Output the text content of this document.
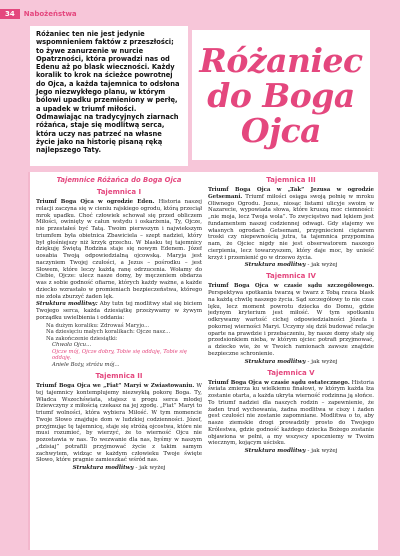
34	Nabożeństwa

Różaniec ten nie jest jedynie wspomnieniem faktów z przeszłości; to żywe zanurzenie w nurcie Opatrzności, która prowadzi nas od Edenu aż po blask wieczności. Każdy koralik to krok na ścieżce powrotnej do Ojca, a każda tajemnica to odsłona Jego niezwykłego planu, w którym bólowi upadku przemieniony w perłę, a upadek w triumf miłości. Odmawiając na tradycyjnych ziarnach różańca, staje się modlitwą serca, która uczy nas patrzeć na własne życie jako na historię pisaną ręką najlepszego Taty.

Różaniec do Boga Ojca
Tajemnice Różańca do Boga Ojca
Tajemnica I

Triumf Boga Ojca w ogrodzie Eden. Historia naszej relacji zaczyna się w cieniu rajskiego ogrodu, którą przeciął mrok upadku. Choć człowiek schował się przed obliczem Miłości, owinięty w całun wstydu i oskarżenia, Ty, Ojcze, nie przestałeś być Tatą. Twoim pierwszym i najwiekszym triumfem była obietnica Zbawiciela – szept nadziei, który był głośniejszy niż krzyk grzechu. W blasku tej tajemnicy dziękuję Świętą Rodzina staje się nowym Edenem. Józef uosabia Twoją odpowiedzialną ojcowską. Maryja jest naczyniem Twojej czułości, a Jezus – pośrodku – jest Słowem, które leczy każdą ranę odrzucenia. Wołamy do Ciebie, Ojcze: ulecz nasze domy, by męczeniem obdarza was z sobie godność ofiarne, których każdy ważne, a każde dziecko wzrastało w promieniach bezpieczeństwa, którego nie zdoła zburzyć żaden lęk.

Struktura modlitwy: Aby tutn tej modlitwy stał się biciem Twojego serca, każda dziesiątkę przeżywamy w żywym porządku uwielbienia i oddania:

Na dużym koraliku: Zdrowaś Maryjo...
Na dziesięciu małych koralikach: Ojcze nasz...
Na zakończenie dziesiątki:
Chwała Ojcu...
Ojcze mój, Ojcze dobry, Tobie się oddaję, Tobie się oddaję.
Aniele Boży, stróżu mój...
Tajemnica II

Triumf Boga Ojca we „Fiat” Maryi w Zwiastowaniu. W tej tajemnicy kontemplujemy niezwykłą pokorę Boga. Ty, Władca Wszechświata, stajesz u progu serca młodej Dziewczyny z miłością czekasz na jej zgodę. „Fiat” Maryi to triumf wolności, która wybiera Miłość. W tym momencie Twoje Słowo znajduje dom w ludzkiej codzienności. Józef, przyjmując tę tajemnicę, staje się stróżą ojcostwa, które nie musi rozumieć, by wierzyć, że to wierność Ojcu nie pozostawia w nas. To wezwanie dla nas, byśmy w naszym „dzisiaj” potrafili przyjmować życie z takim samym zachwytem, widząc w każdym człowieku Twoje święte Słowo, które pragnie zamieszkać wśród nas.

Struktura modlitwy - jak wyżej

Tajemnica III

Triumf Boga Ojca w „Tak” Jezusa w ogrodzie Getsemani. Triumf miłości osiąga swoją pełnię w mroku Oliwnego Ogrodu. Jezus, niosąc listami ulicyje swoim w Nazarecie, wypowiada słowa, które kruszą moc ciemności: „nie moja, lecz Twoja wola”. To zwycięstwo nad lękiem jest fundamentem naszej codziennej odwagi. Gdy stajemy we własnych ogrodach Getsemani, przygniecioni ciężarem troski czy niepewnością jutra, ta tajemnica przypomina nam, że Ojciec nigdy nie jest obserwatorem naszego cierpienia, lecz towarzyszem, który daje moc, by unieść krzyż i przemienić go w drzewo życia.

Struktura modlitwy - jak wyżej

Tajemnica IV

Triumf Boga Ojca w czasie sądu szczegółowego. Perspektywa spotkania twarzą w twarz z Tobą rzuca blask na każdą chwilę naszego życia. Sąd szczegółowy to nie czas lęku, lecz moment powrotu dziecka do Domu, gdzie jedynym kryterium jest miłość. W tym spotkaniu odkrywamy wartość cichej odpowiedzialności Józefa i pokornej wierności Maryi. Uczymy się dziś budować relacje oparte na prawdzie i przebaczeniu, by nasze domy stały się przedsionkiem nieba, w którym ojciec potrafi przyjmować, a dziecko wie, że w Twoich ramionach zawsze znajdzie bezpieczne schronienie.

Struktura modlitwy - jak wyżej

Tajemnica V

Triumf Boga Ojca w czasie sądu ostatecznego. Historia świata zmierza ku wielkiemu finałowi, w którym każda łza zostanie otarta, a każda ukryta wierność rodzinna ją słońce. To triumf nadziei dla naszych rodzin – zapewnienie, że żaden trud wychowania, żadna modlitwa w ciszy i żaden gest czułości nie zostanie zapomniane. Modlitwa o to, aby nasze ziemskie drogi prowadziły prosto do Twojego Królestwa, gdzie godność każdego dziecka Bożego zostanie objawiona w pełni, a my wszyscy spoczniemy w Twoim wiecznym, kojącym uścisku.

Struktura modlitwy - jak wyżej
